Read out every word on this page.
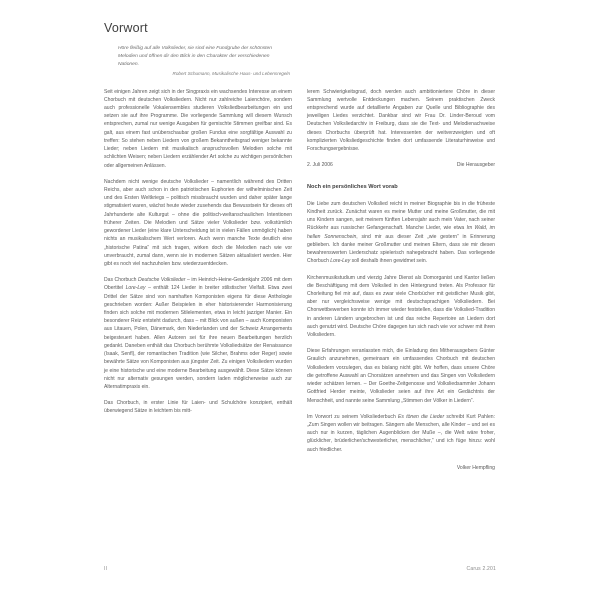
Vorwort
Höre fleißig auf alle Volkslieder, sie sind eine Fundgrube der schönsten Melodien und öffnen dir den Blick in den Charakter der verschiedenen Nationen.
Robert Schumann, Musikalische Haus- und Lebensregeln

Seit einigen Jahren zeigt sich in der Singpraxis ein wachsendes Interesse an einem Chorbuch mit deutschen Volksliedern. Nicht nur zahlreiche Laienchöre, sondern auch professionelle Vokalensembles studieren Volksliedbearbeitungen ein und setzen sie auf ihre Programme. Die vorliegende Sammlung will diesem Wunsch entsprechen, zumal nur wenige Ausgaben für gemischte Stimmen greifbar sind. Es galt, aus einem fast unüberschaubar großen Fundus eine sorgfältige Auswahl zu treffen: So stehen neben Liedern von großem Bekanntheitsgrad weniger bekannte Lieder; neben Liedern mit musikalisch anspruchsvollen Melodien solche mit schlichten Weisen; neben Liedern erzählender Art solche zu wichtigen persönlichen oder allgemeinen Anlässen.

Nachdem nicht wenige deutsche Volkslieder – namentlich während des Dritten Reichs, aber auch schon in den patriotischen Euphorien der wilhelminischen Zeit und des Ersten Weltkriegs – politisch missbraucht wurden und daher später lange stigmatisiert waren, wächst heute wieder zusehends das Bewusstsein für dieses oft Jahrhunderte alte Kulturgut – ohne die politisch-weltanschaulichen Intentionen früherer Zeiten. Die Melodien und Sätze vieler Volkslieder bzw. volkstümlich gewordener Lieder (eine klare Unterscheidung ist in vielen Fällen unmöglich) haben nichts an musikalischem Wert verloren. Auch wenn manche Texte deutlich eine „historische Patina“ mit sich tragen, wirken doch die Melodien nach wie vor unverbraucht, zumal dann, wenn sie in modernen Sätzen aktualisiert werden. Hier gibt es noch viel nachzuholen bzw. wiederzuentdecken.

Das Chorbuch Deutsche Volkslieder – im Heinrich-Heine-Gedenkjahr 2006 mit dem Obertitel Lore-Ley – enthält 124 Lieder in breiter stilistischer Vielfalt. Etwa zwei Drittel der Sätze sind von namhaften Komponisten eigens für diese Anthologie geschrieben worden: Außer Beispielen in eher historisierender Harmonisierung finden sich solche mit modernen Stilelementen, etwa in leicht jazziger Manier. Ein besonderer Reiz entsteht dadurch, dass – mit Blick von außen – auch Komponisten aus Litauen, Polen, Dänemark, den Niederlanden und der Schweiz Arrangements beigesteuert haben. Allen Autoren sei für ihre neuen Bearbeitungen herzlich gedankt. Daneben enthält das Chorbuch berühmte Volksliedsätze der Renaissance (Isaak, Senfl), der romantischen Tradition (wie Silcher, Brahms oder Reger) sowie bewährte Sätze von Komponisten aus jüngster Zeit. Zu einigen Volksliedern wurden je eine historische und eine moderne Bearbeitung ausgewählt. Diese Sätze können nicht nur alternativ gesungen werden, sondern laden möglicherweise auch zur Alternatimpraxis ein.

Das Chorbuch, in erster Linie für Laien- und Schulchöre konzipiert, enthält überwiegend Sätze in leichtem bis mitt-

lerem Schwierigkeitsgrad, doch werden auch ambitioniertere Chöre in dieser Sammlung wertvolle Entdeckungen machen. Seinem praktischen Zweck entsprechend wurde auf detaillierte Angaben zur Quelle und Bibliographie des jeweiligen Liedes verzichtet. Dankbar sind wir Frau Dr. Linder-Beroud vom Deutschen Volksliedarchiv in Freiburg, dass sie die Text- und Melodienachweise dieses Chorbuchs überprüft hat. Interessenten der weitverzweigten und oft komplizierten Volksliedgeschichte finden dort umfassende Literaturhinweise und Forschungsergebnisse.

2. Juli 2006	Die Herausgeber
Noch ein persönliches Wort vorab

Die Liebe zum deutschen Volkslied reicht in meiner Biographie bis in die früheste Kindheit zurück. Zunächst waren es meine Mutter und meine Großmutter, die mit uns Kindern sangen, seit meinem fünften Lebensjahr auch mein Vater, nach seiner Rückkehr aus russischer Gefangenschaft. Manche Lieder, wie etwa Im Wald, im hellen Sonnenschein, sind mir aus dieser Zeit „wie gestern“ in Erinnerung geblieben. Ich danke meiner Großmutter und meinen Eltern, dass sie mir diesen bewahrenswerten Liederschatz spielerisch nahegebracht haben. Das vorliegende Chorbuch Lore-Ley soll deshalb ihnen gewidmet sein.

Kirchenmusikstudium und vierzig Jahre Dienst als Domorganist und Kantor ließen die Beschäftigung mit dem Volkslied in den Hintergrund treten. Als Professor für Chorleitung fiel mir auf, dass es zwar viele Chorbücher mit geistlicher Musik gibt, aber nur vergleichsweise wenige mit deutschsprachigen Volksliedern. Bei Chorwettbewerben konnte ich immer wieder feststellen, dass die Volkslied-Tradition in anderen Ländern ungebrochen ist und das reiche Repertoire an Liedern dort auch genutzt wird. Deutsche Chöre dagegen tun sich nach wie vor schwer mit ihren Volksliedern.

Diese Erfahrungen veranlassten mich, die Einladung des Mitherausgebers Günter Graulich anzunehmen, gemeinsam ein umfassendes Chorbuch mit deutschen Volksliedern vorzulegen, das es bislang nicht gibt. Wir hoffen, dass unsere Chöre die getroffene Auswahl an Chorsätzen annehmen und das Singen von Volksliedern wieder schätzen lernen. – Der Goethe-Zeitgenosse und Volksliedsammler Johann Gottfried Herder meinte, Volkslieder seien auf ihre Art ein Gedächtnis der Menschheit, und nannte seine Sammlung „Stimmen der Völker in Liedern“.

Im Vorwort zu seinem Volksliederbuch Es tönen die Lieder schreibt Kurt Pahlen: „Zum Singen wollen wir beitragen. Sängern alle Menschen, alle Kinder – und sei es auch nur in kurzen, täglichen Augenblicken der Muße –, die Welt wäre froher, glücklicher, brüderlicher/schwesterlicher, menschlicher,“ und ich füge hinzu: wohl auch friedlicher.

Volker Hempfling
II	Carus 2.201
